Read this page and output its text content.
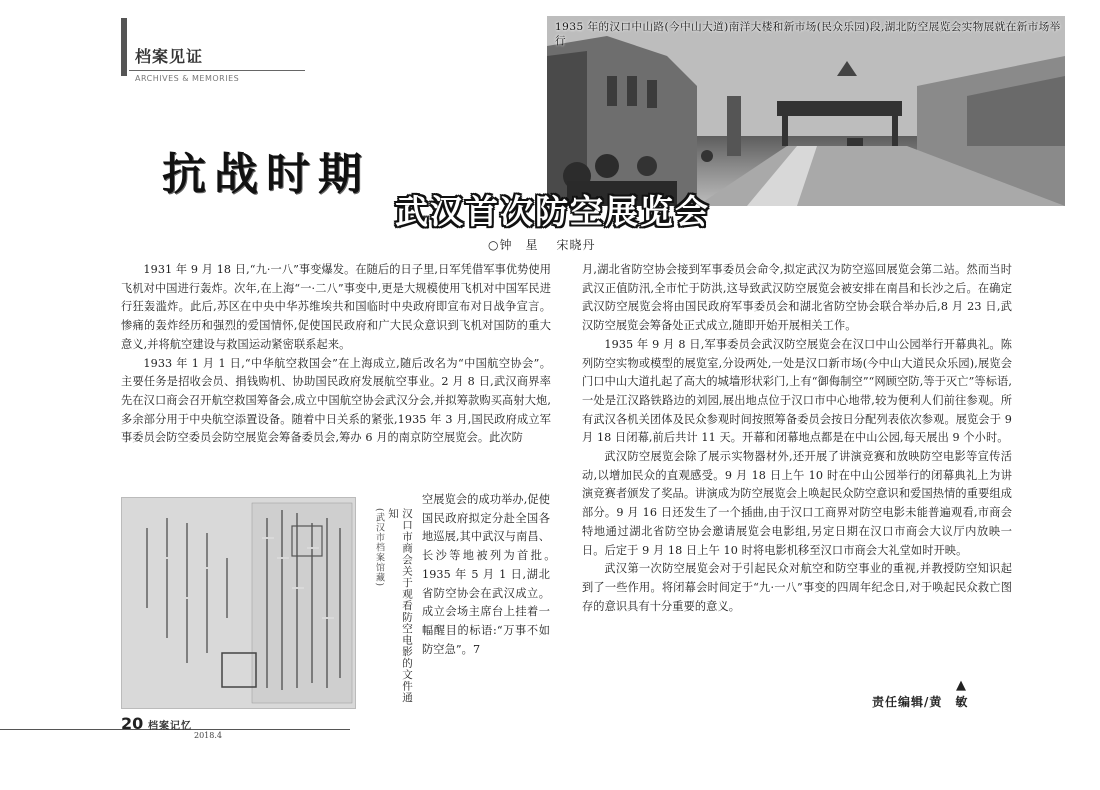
档案见证
ARCHIVES & MEMORIES
1935 年的汉口中山路(今中山大道)南洋大楼和新市场(民众乐园)段,湖北防空展览会实物展就在新市场举行
抗战时期
武汉首次防空展览会
○钟　星 宋晓丹

1931 年 9 月 18 日,“九·一八”事变爆发。在随后的日子里,日军凭借军事优势使用飞机对中国进行轰炸。次年,在上海“一·二八”事变中,更是大规模使用飞机对中国军民进行狂轰滥炸。此后,苏区在中央中华苏维埃共和国临时中央政府即宣布对日战争宣言。惨痛的轰炸经历和强烈的爱国情怀,促使国民政府和广大民众意识到飞机对国防的重大意义,并将航空建设与救国运动紧密联系起来。

1933 年 1 月 1 日,“中华航空救国会”在上海成立,随后改名为“中国航空协会”。主要任务是招收会员、捐钱购机、协助国民政府发展航空事业。2 月 8 日,武汉商界率先在汉口商会召开航空救国筹备会,成立中国航空协会武汉分会,并拟筹款购买高射大炮,多余部分用于中央航空添置设备。随着中日关系的紧张,1935 年 3 月,国民政府成立军事委员会防空委员会防空展览会筹备委员会,筹办 6 月的南京防空展览会。此次防

空展览会的成功举办,促使国民政府拟定分赴全国各地巡展,其中武汉与南昌、长沙等地被列为首批。　　1935 年 5 月 1 日,湖北省防空协会在武汉成立。成立会场主席台上挂着一幅醒目的标语:“万事不如防空急”。7

汉口市商会关于观看防空电影的文件通知
(武汉市档案馆藏)

月,湖北省防空协会接到军事委员会命令,拟定武汉为防空巡回展览会第二站。然而当时武汉正值防汛,全市忙于防洪,这导致武汉防空展览会被安排在南昌和长沙之后。在确定武汉防空展览会将由国民政府军事委员会和湖北省防空协会联合举办后,8 月 23 日,武汉防空展览会筹备处正式成立,随即开始开展相关工作。

1935 年 9 月 8 日,军事委员会武汉防空展览会在汉口中山公园举行开幕典礼。陈列防空实物或模型的展览室,分设两处,一处是汉口新市场(今中山大道民众乐园),展览会门口中山大道扎起了高大的城墙形状彩门,上有“御侮制空”“网顾空防,等于灭亡”等标语,一处是江汉路铁路边的刘园,展出地点位于汉口市中心地带,较为便利人们前往参观。所有武汉各机关团体及民众参观时间按照筹备委员会按日分配列表依次参观。展览会于 9 月 18 日闭幕,前后共计 11 天。开幕和闭幕地点都是在中山公园,每天展出 9 个小时。

武汉防空展览会除了展示实物器材外,还开展了讲演竞赛和放映防空电影等宣传活动,以增加民众的直观感受。9 月 18 日上午 10 时在中山公园举行的闭幕典礼上为讲演竞赛者颁发了奖品。讲演成为防空展览会上唤起民众防空意识和爱国热情的重要组成部分。9 月 16 日还发生了一个插曲,由于汉口工商界对防空电影未能普遍观看,市商会特地通过湖北省防空协会邀请展览会电影组,另定日期在汉口市商会大议厅内放映一日。后定于 9 月 18 日上午 10 时将电影机移至汉口市商会大礼堂如时开映。

武汉第一次防空展览会对于引起民众对航空和防空事业的重视,并教授防空知识起到了一些作用。将闭幕会时间定于“九·一八”事变的四周年纪念日,对于唤起民众救亡图存的意识具有十分重要的意义。

▲
责任编辑/黄　敏
20 档案记忆
2018.4
